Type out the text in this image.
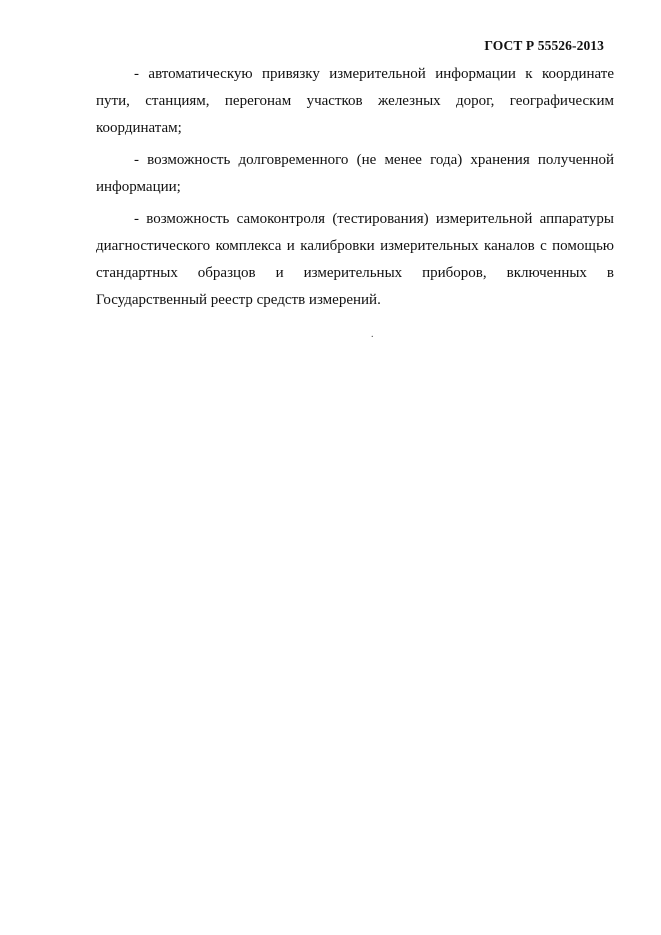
ГОСТ Р 55526-2013

- автоматическую привязку измерительной информации к координате пути, станциям, перегонам участков железных дорог, географическим координатам;

- возможность долговременного (не менее года) хранения полученной информации;

- возможность самоконтроля (тестирования) измерительной аппаратуры диагностического комплекса и калибровки измерительных каналов с помощью стандартных образцов и измерительных приборов, включенных в Государственный реестр средств измерений.

.
